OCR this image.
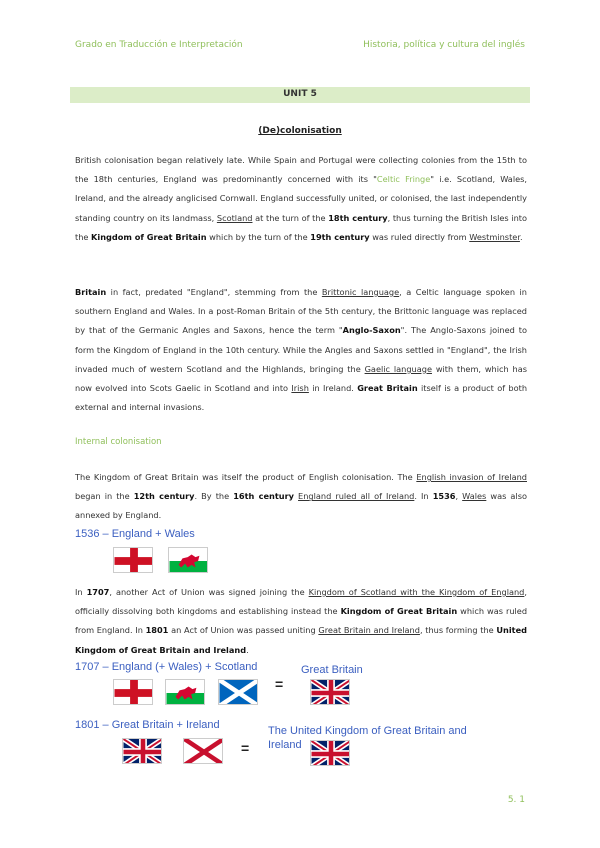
Grado en Traducción e Interpretación	Historia, política y cultura del inglés
UNIT 5
(De)colonisation
British colonisation began relatively late. While Spain and Portugal were collecting colonies from the 15th to the 18th centuries, England was predominantly concerned with its "Celtic Fringe" i.e. Scotland, Wales, Ireland, and the already anglicised Cornwall. England successfully united, or colonised, the last independently standing country on its landmass, Scotland at the turn of the 18th century, thus turning the British Isles into the Kingdom of Great Britain which by the turn of the 19th century was ruled directly from Westminster.
Britain in fact, predated "England", stemming from the Brittonic language, a Celtic language spoken in southern England and Wales. In a post-Roman Britain of the 5th century, the Brittonic language was replaced by that of the Germanic Angles and Saxons, hence the term "Anglo-Saxon". The Anglo-Saxons joined to form the Kingdom of England in the 10th century. While the Angles and Saxons settled in "England", the Irish invaded much of western Scotland and the Highlands, bringing the Gaelic language with them, which has now evolved into Scots Gaelic in Scotland and into Irish in Ireland. Great Britain itself is a product of both external and internal invasions.
Internal colonisation
The Kingdom of Great Britain was itself the product of English colonisation. The English invasion of Ireland began in the 12th century. By the 16th century England ruled all of Ireland. In 1536, Wales was also annexed by England.
1536 – England + Wales
In 1707, another Act of Union was signed joining the Kingdom of Scotland with the Kingdom of England, officially dissolving both kingdoms and establishing instead the Kingdom of Great Britain which was ruled from England. In 1801 an Act of Union was passed uniting Great Britain and Ireland, thus forming the United Kingdom of Great Britain and Ireland.
1707 – England (+ Wales) + Scotland	Great Britain
=
1801 – Great Britain + Ireland	The United Kingdom of Great Britain and
Ireland
=
5. 1
